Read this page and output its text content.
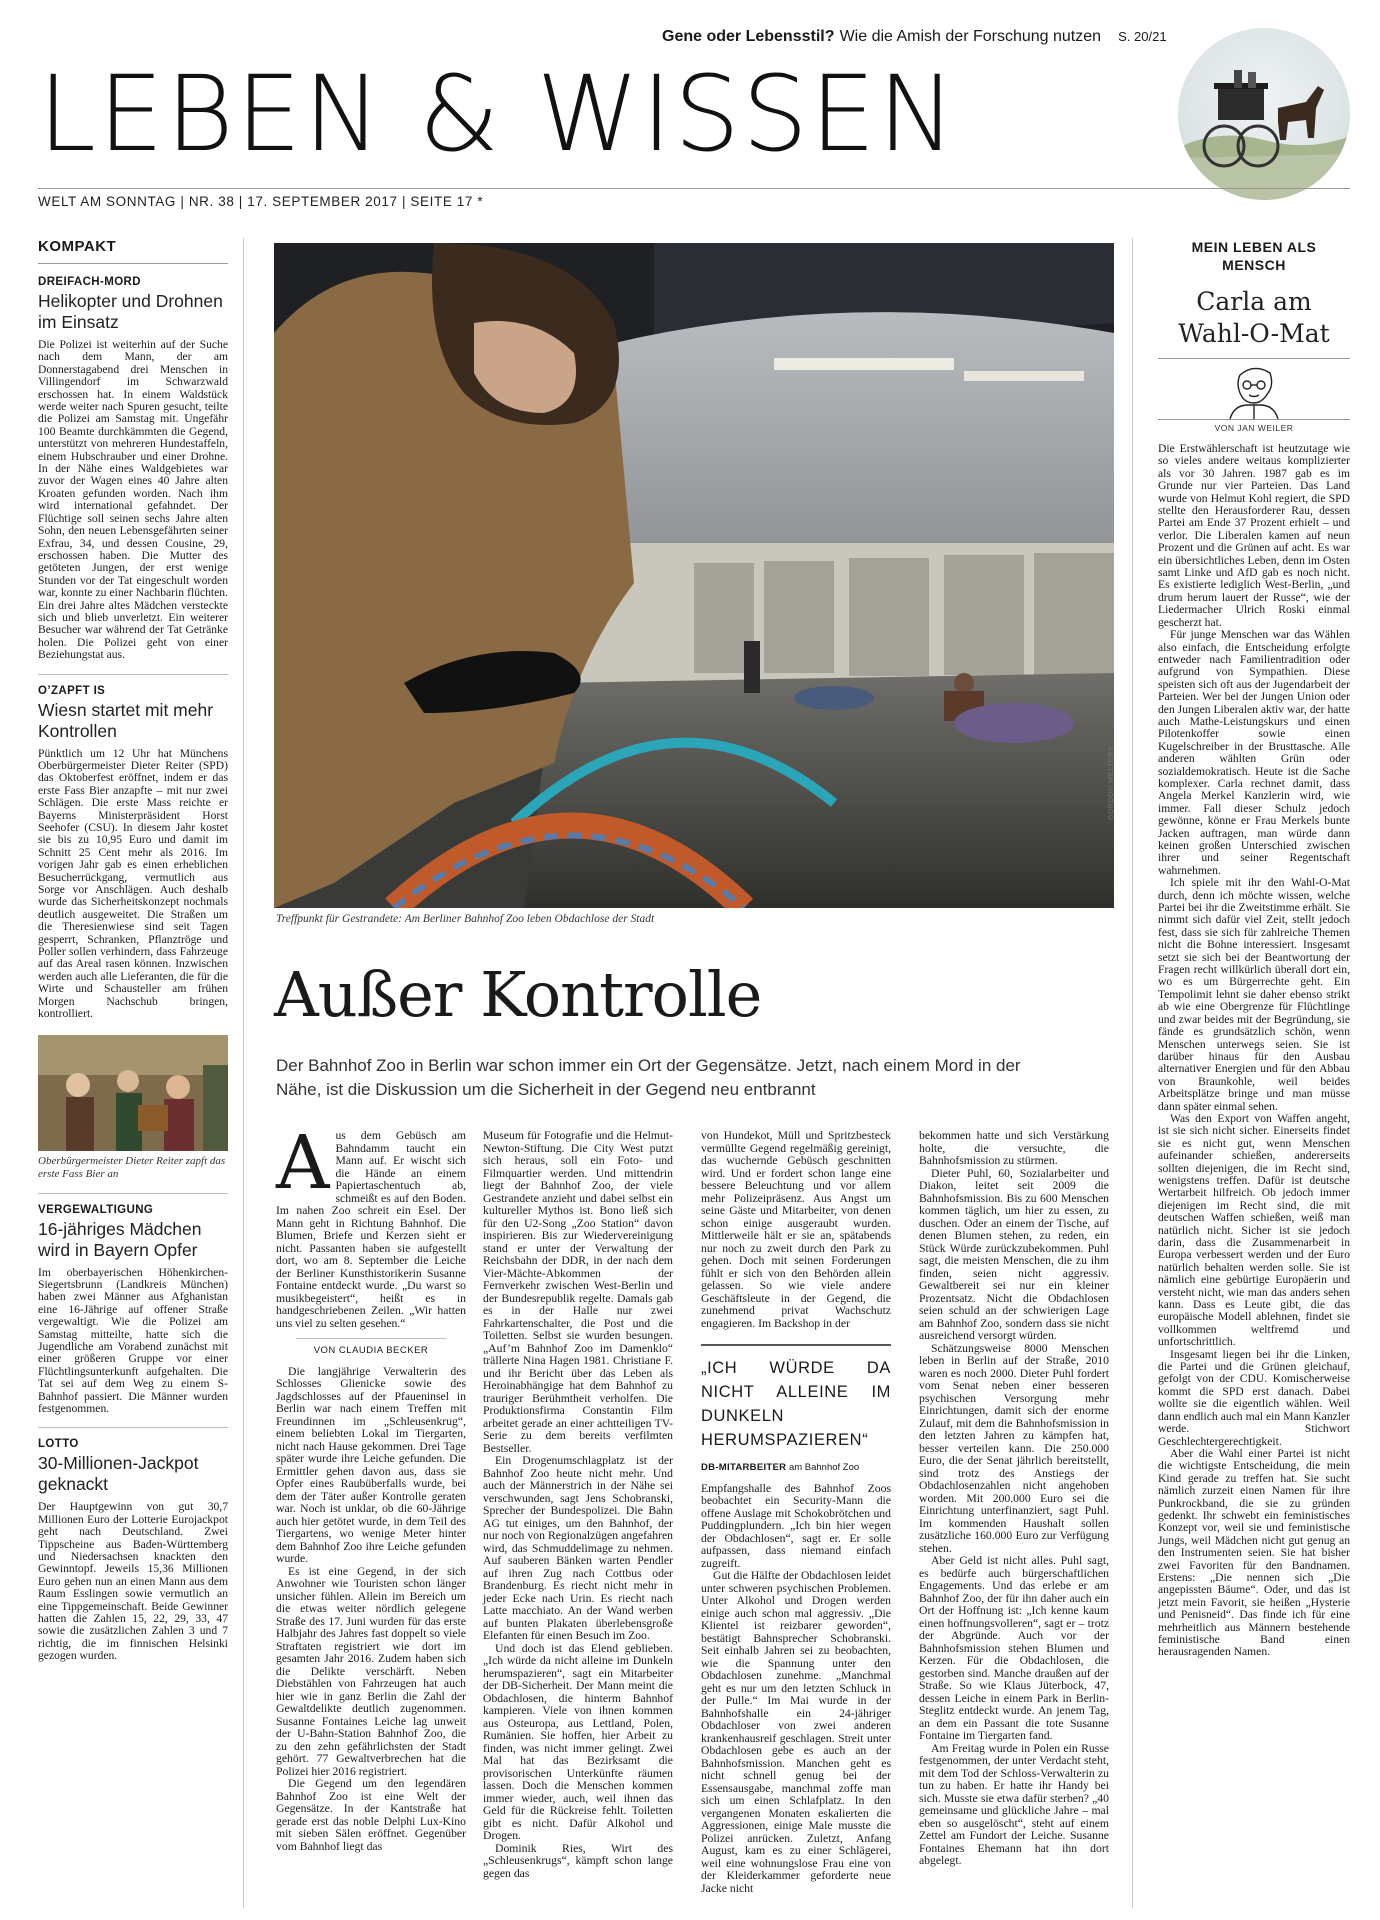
Gene oder Lebensstil? Wie die Amish der Forschung nutzen S. 20/21
LEBEN & WISSEN
WELT AM SONNTAG | NR. 38 | 17. SEPTEMBER 2017 | SEITE 17 *
KOMPAKT
DREIFACH-MORD
Helikopter und Drohnen im Einsatz
Die Polizei ist weiterhin auf der Suche nach dem Mann, der am Donnerstagabend drei Menschen in Villingendorf im Schwarzwald erschossen hat. In einem Waldstück werde weiter nach Spuren gesucht, teilte die Polizei am Samstag mit. Ungefähr 100 Beamte durchkämmten die Gegend, unterstützt von mehreren Hundestaffeln, einem Hubschrauber und einer Drohne. In der Nähe eines Waldgebietes war zuvor der Wagen eines 40 Jahre alten Kroaten gefunden worden. Nach ihm wird international gefahndet. Der Flüchtige soll seinen sechs Jahre alten Sohn, den neuen Lebensgefährten seiner Exfrau, 34, und dessen Cousine, 29, erschossen haben. Die Mutter des getöteten Jungen, der erst wenige Stunden vor der Tat eingeschult worden war, konnte zu einer Nachbarin flüchten. Ein drei Jahre altes Mädchen versteckte sich und blieb unverletzt. Ein weiterer Besucher war während der Tat Getränke holen. Die Polizei geht von einer Beziehungstat aus.
O’ZAPFT IS
Wiesn startet mit mehr Kontrollen
Pünktlich um 12 Uhr hat Münchens Oberbürgermeister Dieter Reiter (SPD) das Oktoberfest eröffnet, indem er das erste Fass Bier anzapfte – mit nur zwei Schlägen. Die erste Mass reichte er Bayerns Ministerpräsident Horst Seehofer (CSU). In diesem Jahr kostet sie bis zu 10,95 Euro und damit im Schnitt 25 Cent mehr als 2016. Im vorigen Jahr gab es einen erheblichen Besucherrückgang, vermutlich aus Sorge vor Anschlägen. Auch deshalb wurde das Sicherheitskonzept nochmals deutlich ausgeweitet. Die Straßen um die Theresienwiese sind seit Tagen gesperrt, Schranken, Pflanztröge und Poller sollen verhindern, dass Fahrzeuge auf das Areal rasen können. Inzwischen werden auch alle Lieferanten, die für die Wirte und Schausteller am frühen Morgen Nachschub bringen, kontrolliert.
Oberbürgermeister Dieter Reiter zapft das erste Fass Bier an
VERGEWALTIGUNG
16-jähriges Mädchen wird in Bayern Opfer
Im oberbayerischen Höhenkirchen-Siegertsbrunn (Landkreis München) haben zwei Männer aus Afghanistan eine 16-Jährige auf offener Straße vergewaltigt. Wie die Polizei am Samstag mitteilte, hatte sich die Jugendliche am Vorabend zunächst mit einer größeren Gruppe vor einer Flüchtlingsunterkunft aufgehalten. Die Tat sei auf dem Weg zu einem S-Bahnhof passiert. Die Männer wurden festgenommen.
LOTTO
30-Millionen-Jackpot geknackt
Der Hauptgewinn von gut 30,7 Millionen Euro der Lotterie Eurojackpot geht nach Deutschland. Zwei Tippscheine aus Baden-Württemberg und Niedersachsen knackten den Gewinntopf. Jeweils 15,36 Millionen Euro gehen nun an einen Mann aus dem Raum Esslingen sowie vermutlich an eine Tippgemeinschaft. Beide Gewinner hatten die Zahlen 15, 22, 29, 33, 47 sowie die zusätzlichen Zahlen 3 und 7 richtig, die im finnischen Helsinki gezogen wurden.
GORDON WELTERS
Treffpunkt für Gestrandete: Am Berliner Bahnhof Zoo leben Obdachlose der Stadt
Außer Kontrolle
Der Bahnhof Zoo in Berlin war schon immer ein Ort der Gegensätze. Jetzt, nach einem Mord in der Nähe, ist die Diskussion um die Sicherheit in der Gegend neu entbrannt
A us dem Gebüsch am Bahndamm taucht ein Mann auf. Er wischt sich die Hände an einem Papiertaschentuch ab, schmeißt es auf den Boden. Im nahen Zoo schreit ein Esel. Der Mann geht in Richtung Bahnhof. Die Blumen, Briefe und Kerzen sieht er nicht. Passanten haben sie aufgestellt dort, wo am 8. September die Leiche der Berliner Kunsthistorikerin Susanne Fontaine entdeckt wurde. „Du warst so musikbegeistert“, heißt es in handgeschriebenen Zeilen. „Wir hatten uns viel zu selten gesehen.“

VON CLAUDIA BECKER

Die langjährige Verwalterin des Schlosses Glienicke sowie des Jagdschlosses auf der Pfaueninsel in Berlin war nach einem Treffen mit Freundinnen im „Schleusenkrug“, einem beliebten Lokal im Tiergarten, nicht nach Hause gekommen. Drei Tage später wurde ihre Leiche gefunden. Die Ermittler gehen davon aus, dass sie Opfer eines Raubüberfalls wurde, bei dem der Täter außer Kontrolle geraten war. Noch ist unklar, ob die 60-Jährige auch hier getötet wurde, in dem Teil des Tiergartens, wo wenige Meter hinter dem Bahnhof Zoo ihre Leiche gefunden wurde.

Es ist eine Gegend, in der sich Anwohner wie Touristen schon länger unsicher fühlen. Allein im Bereich um die etwas weiter nördlich gelegene Straße des 17. Juni wurden für das erste Halbjahr des Jahres fast doppelt so viele Straftaten registriert wie dort im gesamten Jahr 2016. Zudem haben sich die Delikte verschärft. Neben Diebstählen von Fahrzeugen hat auch hier wie in ganz Berlin die Zahl der Gewaltdelikte deutlich zugenommen. Susanne Fontaines Leiche lag unweit der U-Bahn-Station Bahnhof Zoo, die zu den zehn gefährlichsten der Stadt gehört. 77 Gewaltverbrechen hat die Polizei hier 2016 registriert.

Die Gegend um den legendären Bahnhof Zoo ist eine Welt der Gegensätze. In der Kantstraße hat gerade erst das noble Delphi Lux-Kino mit sieben Sälen eröffnet. Gegenüber vom Bahnhof liegt das

Museum für Fotografie und die Helmut-Newton-Stiftung. Die City West putzt sich heraus, soll ein Foto- und Filmquartier werden. Und mittendrin liegt der Bahnhof Zoo, der viele Gestrandete anzieht und dabei selbst ein kultureller Mythos ist. Bono ließ sich für den U2-Song „Zoo Station“ davon inspirieren. Bis zur Wiedervereinigung stand er unter der Verwaltung der Reichsbahn der DDR, in der nach dem Vier-Mächte-Abkommen der Fernverkehr zwischen West-Berlin und der Bundesrepublik regelte. Damals gab es in der Halle nur zwei Fahrkartenschalter, die Post und die Toiletten. Selbst sie wurden besungen. „Auf’m Bahnhof Zoo im Damenklo“ trällerte Nina Hagen 1981. Christiane F. und ihr Bericht über das Leben als Heroinabhängige hat dem Bahnhof zu trauriger Berühmtheit verholfen. Die Produktionsfirma Constantin Film arbeitet gerade an einer achtteiligen TV-Serie zu dem bereits verfilmten Bestseller.

Ein Drogenumschlagplatz ist der Bahnhof Zoo heute nicht mehr. Und auch der Männerstrich in der Nähe sei verschwunden, sagt Jens Schobranski, Sprecher der Bundespolizei. Die Bahn AG tut einiges, um den Bahnhof, der nur noch von Regionalzügen angefahren wird, das Schmuddelimage zu nehmen. Auf sauberen Bänken warten Pendler auf ihren Zug nach Cottbus oder Brandenburg. Es riecht nicht mehr in jeder Ecke nach Urin. Es riecht nach Latte macchiato. An der Wand werben auf bunten Plakaten überlebensgroße Elefanten für einen Besuch im Zoo.

Und doch ist das Elend geblieben. „Ich würde da nicht alleine im Dunkeln herumspazieren“, sagt ein Mitarbeiter der DB-Sicherheit. Der Mann meint die Obdachlosen, die hinterm Bahnhof kampieren. Viele von ihnen kommen aus Osteuropa, aus Lettland, Polen, Rumänien. Sie hoffen, hier Arbeit zu finden, was nicht immer gelingt. Zwei Mal hat das Bezirksamt die provisorischen Unterkünfte räumen lassen. Doch die Menschen kommen immer wieder, auch, weil ihnen das Geld für die Rückreise fehlt. Toiletten gibt es nicht. Dafür Alkohol und Drogen.

Dominik Ries, Wirt des „Schleusenkrugs“, kämpft schon lange gegen das

von Hundekot, Müll und Spritzbesteck vermüllte Gegend regelmäßig gereinigt, das wuchernde Gebüsch geschnitten wird. Und er fordert schon lange eine bessere Beleuchtung und vor allem mehr Polizeipräsenz. Aus Angst um seine Gäste und Mitarbeiter, von denen schon einige ausgeraubt wurden. Mittlerweile hält er sie an, spätabends nur noch zu zweit durch den Park zu gehen. Doch mit seinen Forderungen fühlt er sich von den Behörden allein gelassen. So wie viele andere Geschäftsleute in der Gegend, die zunehmend privat Wachschutz engagieren. Im Backshop in der

„ICH WÜRDE DA NICHT ALLEINE IM DUNKELN HERUMSPAZIEREN“
DB-MITARBEITER am Bahnhof Zoo

Empfangshalle des Bahnhof Zoos beobachtet ein Security-Mann die offene Auslage mit Schokobrötchen und Puddingplundern. „Ich bin hier wegen der Obdachlosen“, sagt er. Er solle aufpassen, dass niemand einfach zugreift.

Gut die Hälfte der Obdachlosen leidet unter schweren psychischen Problemen. Unter Alkohol und Drogen werden einige auch schon mal aggressiv. „Die Klientel ist reizbarer geworden“, bestätigt Bahnsprecher Schobranski. Seit einhalb Jahren sei zu beobachten, wie die Spannung unter den Obdachlosen zunehme. „Manchmal geht es nur um den letzten Schluck in der Pulle.“ Im Mai wurde in der Bahnhofshalle ein 24-jähriger Obdachloser von zwei anderen krankenhausreif geschlagen. Streit unter Obdachlosen gebe es auch an der Bahnhofsmission. Manchen geht es nicht schnell genug bei der Essensausgabe, manchmal zoffe man sich um einen Schlafplatz. In den vergangenen Monaten eskalierten die Aggressionen, einige Male musste die Polizei anrücken. Zuletzt, Anfang August, kam es zu einer Schlägerei, weil eine wohnungslose Frau eine von der Kleiderkammer geforderte neue Jacke nicht

bekommen hatte und sich Verstärkung holte, die versuchte, die Bahnhofsmission zu stürmen.

Dieter Puhl, 60, Sozialarbeiter und Diakon, leitet seit 2009 die Bahnhofsmission. Bis zu 600 Menschen kommen täglich, um hier zu essen, zu duschen. Oder an einem der Tische, auf denen Blumen stehen, zu reden, ein Stück Würde zurückzubekommen. Puhl sagt, die meisten Menschen, die zu ihm finden, seien nicht aggressiv. Gewaltbereit sei nur ein kleiner Prozentsatz. Nicht die Obdachlosen seien schuld an der schwierigen Lage am Bahnhof Zoo, sondern dass sie nicht ausreichend versorgt würden.

Schätzungsweise 8000 Menschen leben in Berlin auf der Straße, 2010 waren es noch 2000. Dieter Puhl fordert vom Senat neben einer besseren psychischen Versorgung mehr Einrichtungen, damit sich der enorme Zulauf, mit dem die Bahnhofsmission in den letzten Jahren zu kämpfen hat, besser verteilen kann. Die 250.000 Euro, die der Senat jährlich bereitstellt, sind trotz des Anstiegs der Obdachlosenzahlen nicht angehoben worden. Mit 200.000 Euro sei die Einrichtung unterfinanziert, sagt Puhl. Im kommenden Haushalt sollen zusätzliche 160.000 Euro zur Verfügung stehen.

Aber Geld ist nicht alles. Puhl sagt, es bedürfe auch bürgerschaftlichen Engagements. Und das erlebe er am Bahnhof Zoo, der für ihn daher auch ein Ort der Hoffnung ist: „Ich kenne kaum einen hoffnungsvolleren“, sagt er – trotz der Abgründe. Auch vor der Bahnhofsmission stehen Blumen und Kerzen. Für die Obdachlosen, die gestorben sind. Manche draußen auf der Straße. So wie Klaus Jüterbock, 47, dessen Leiche in einem Park in Berlin-Steglitz entdeckt wurde. An jenem Tag, an dem ein Passant die tote Susanne Fontaine im Tiergarten fand.

Am Freitag wurde in Polen ein Russe festgenommen, der unter Verdacht steht, mit dem Tod der Schloss-Verwalterin zu tun zu haben. Er hatte ihr Handy bei sich. Musste sie etwa dafür sterben? „40 gemeinsame und glückliche Jahre – mal eben so ausgelöscht“, steht auf einem Zettel am Fundort der Leiche. Susanne Fontaines Ehemann hat ihn dort abgelegt.

MEIN LEBEN ALS MENSCH
Carla am Wahl-O-Mat
VON JAN WEILER

Die Erstwählerschaft ist heutzutage wie so vieles andere weitaus komplizierter als vor 30 Jahren. 1987 gab es im Grunde nur vier Parteien. Das Land wurde von Helmut Kohl regiert, die SPD stellte den Herausforderer Rau, dessen Partei am Ende 37 Prozent erhielt – und verlor. Die Liberalen kamen auf neun Prozent und die Grünen auf acht. Es war ein übersichtliches Leben, denn im Osten samt Linke und AfD gab es noch nicht. Es existierte lediglich West-Berlin, „und drum herum lauert der Russe“, wie der Liedermacher Ulrich Roski einmal gescherzt hat.

Für junge Menschen war das Wählen also einfach, die Entscheidung erfolgte entweder nach Familientradition oder aufgrund von Sympathien. Diese speisten sich oft aus der Jugendarbeit der Parteien. Wer bei der Jungen Union oder den Jungen Liberalen aktiv war, der hatte auch Mathe-Leistungskurs und einen Pilotenkoffer sowie einen Kugelschreiber in der Brusttasche. Alle anderen wählten Grün oder sozialdemokratisch. Heute ist die Sache komplexer. Carla rechnet damit, dass Angela Merkel Kanzlerin wird, wie immer. Fall dieser Schulz jedoch gewönne, könne er Frau Merkels bunte Jacken auftragen, man würde dann keinen großen Unterschied zwischen ihrer und seiner Regentschaft wahrnehmen.

Ich spiele mit ihr den Wahl-O-Mat durch, denn ich möchte wissen, welche Partei bei ihr die Zweitstimme erhält. Sie nimmt sich dafür viel Zeit, stellt jedoch fest, dass sie sich für zahlreiche Themen nicht die Bohne interessiert. Insgesamt setzt sie sich bei der Beantwortung der Fragen recht willkürlich überall dort ein, wo es um Bürgerrechte geht. Ein Tempolimit lehnt sie daher ebenso strikt ab wie eine Obergrenze für Flüchtlinge und zwar beides mit der Begründung, sie fände es grundsätzlich schön, wenn Menschen unterwegs seien. Sie ist darüber hinaus für den Ausbau alternativer Energien und für den Abbau von Braunkohle, weil beides Arbeitsplätze bringe und man müsse dann später einmal sehen.

Was den Export von Waffen angeht, ist sie sich nicht sicher. Einerseits findet sie es nicht gut, wenn Menschen aufeinander schießen, andererseits sollten diejenigen, die im Recht sind, wenigstens treffen. Dafür ist deutsche Wertarbeit hilfreich. Ob jedoch immer diejenigen im Recht sind, die mit deutschen Waffen schießen, weiß man natürlich nicht. Sicher ist sie jedoch darin, dass die Zusammenarbeit in Europa verbessert werden und der Euro natürlich behalten werden solle. Sie ist nämlich eine gebürtige Europäerin und versteht nicht, wie man das anders sehen kann. Dass es Leute gibt, die das europäische Modell ablehnen, findet sie vollkommen weltfremd und unfortschrittlich.

Insgesamt liegen bei ihr die Linken, die Partei und die Grünen gleichauf, gefolgt von der CDU. Komischerweise kommt die SPD erst danach. Dabei wollte sie die eigentlich wählen. Weil dann endlich auch mal ein Mann Kanzler werde. Stichwort Geschlechtergerechtigkeit.

Aber die Wahl einer Partei ist nicht die wichtigste Entscheidung, die mein Kind gerade zu treffen hat. Sie sucht nämlich zurzeit einen Namen für ihre Punkrockband, die sie zu gründen gedenkt. Ihr schwebt ein feministisches Konzept vor, weil sie und feministische Jungs, weil Mädchen nicht gut genug an den Instrumenten seien. Sie hat bisher zwei Favoriten für den Bandnamen. Erstens: „Die nennen sich „Die angepissten Bäume“. Oder, und das ist jetzt mein Favorit, sie heißen „Hysterie und Penisneid“. Das finde ich für eine mehrheitlich aus Männern bestehende feministische Band einen herausragenden Namen.
